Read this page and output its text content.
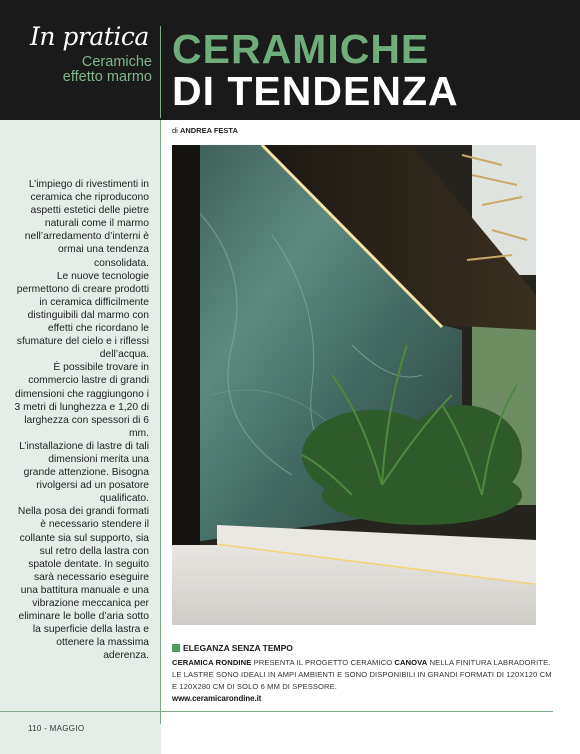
In pratica
Ceramiche
effetto marmo
CERAMICHE
DI TENDENZA

L’impiego di rivestimenti in ceramica che riproducono aspetti estetici delle pietre naturali come il marmo nell’arredamento d’interni è ormai una tendenza consolidata.

Le nuove tecnologie permettono di creare prodotti in ceramica difficilmente distinguibili dal marmo con effetti che ricordano le sfumature del cielo e i riflessi dell’acqua.

È possibile trovare in commercio lastre di grandi dimensioni che raggiungono i 3 metri di lunghezza e 1,20 di larghezza con spessori di 6 mm.

L’installazione di lastre di tali dimensioni merita una grande attenzione. Bisogna rivolgersi ad un posatore qualificato.

Nella posa dei grandi formati è necessario stendere il collante sia sul supporto, sia sul retro della lastra con spatole dentate. In seguito sarà necessario eseguire una battitura manuale e una vibrazione meccanica per eliminare le bolle d’aria sotto la superficie della lastra e ottenere la massima aderenza.

di ANDREA FESTA
ELEGANZA SENZA TEMPO
CERAMICA RONDINE PRESENTA IL PROGETTO CERAMICO CANOVA NELLA FINITURA LABRADORITE. LE LASTRE SONO IDEALI IN AMPI AMBIENTI E SONO DISPONIBILI IN GRANDI FORMATI DI 120X120 CM E 120X280 CM DI SOLO 6 MM DI SPESSORE.
www.ceramicarondine.it
110 - MAGGIO
